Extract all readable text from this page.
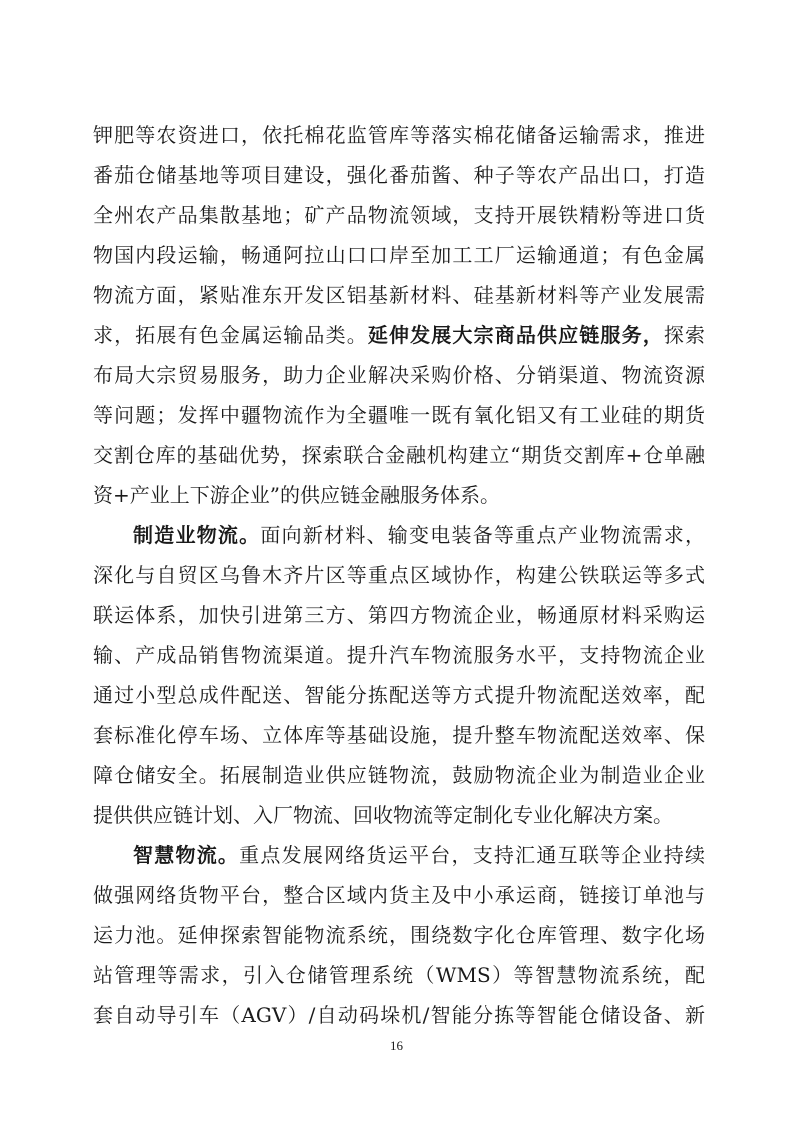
钾肥等农资进口，依托棉花监管库等落实棉花储备运输需求，推进
番茄仓储基地等项目建设，强化番茄酱、种子等农产品出口，打造
全州农产品集散基地；矿产品物流领域，支持开展铁精粉等进口货
物国内段运输，畅通阿拉山口口岸至加工工厂运输通道；有色金属
物流方面，紧贴准东开发区铝基新材料、硅基新材料等产业发展需
求，拓展有色金属运输品类。延伸发展大宗商品供应链服务，探索
布局大宗贸易服务，助力企业解决采购价格、分销渠道、物流资源
等问题；发挥中疆物流作为全疆唯一既有氧化铝又有工业硅的期货
交割仓库的基础优势，探索联合金融机构建立“期货交割库+仓单融
资+产业上下游企业”的供应链金融服务体系。
制造业物流。面向新材料、输变电装备等重点产业物流需求，
深化与自贸区乌鲁木齐片区等重点区域协作，构建公铁联运等多式
联运体系，加快引进第三方、第四方物流企业，畅通原材料采购运
输、产成品销售物流渠道。提升汽车物流服务水平，支持物流企业
通过小型总成件配送、智能分拣配送等方式提升物流配送效率，配
套标准化停车场、立体库等基础设施，提升整车物流配送效率、保
障仓储安全。拓展制造业供应链物流，鼓励物流企业为制造业企业
提供供应链计划、入厂物流、回收物流等定制化专业化解决方案。
智慧物流。重点发展网络货运平台，支持汇通互联等企业持续
做强网络货物平台，整合区域内货主及中小承运商，链接订单池与
运力池。延伸探索智能物流系统，围绕数字化仓库管理、数字化场
站管理等需求，引入仓储管理系统（WMS）等智慧物流系统，配
套自动导引车（AGV）/自动码垛机/智能分拣等智能仓储设备、新
16
